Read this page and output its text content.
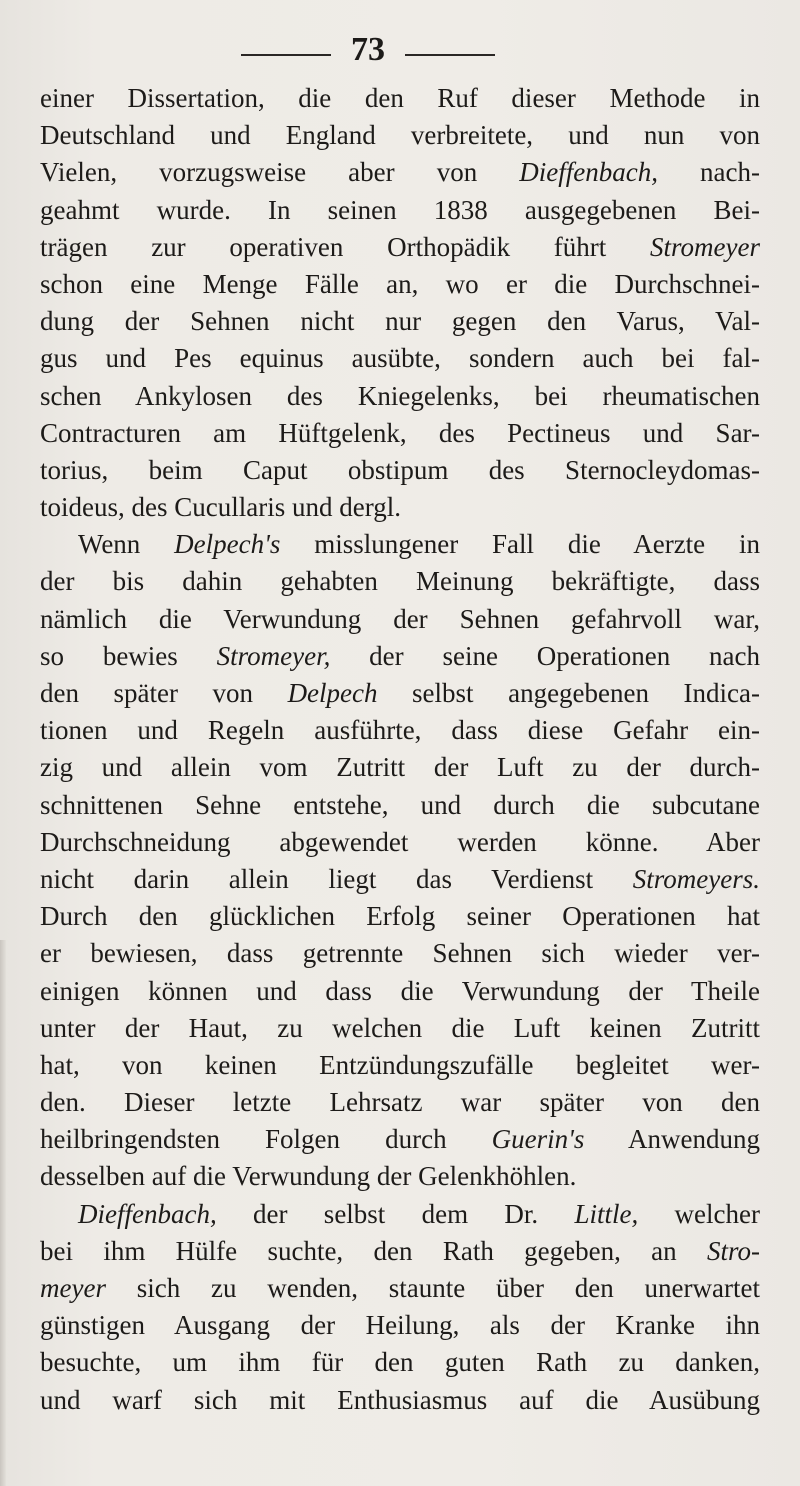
73
einer Dissertation, die den Ruf dieser Methode in
Deutschland und England verbreitete, und nun von
Vielen, vorzugsweise aber von Dieffenbach, nach-
geahmt wurde. In seinen 1838 ausgegebenen Bei-
trägen zur operativen Orthopädik führt Stromeyer
schon eine Menge Fälle an, wo er die Durchschnei-
dung der Sehnen nicht nur gegen den Varus, Val-
gus und Pes equinus ausübte, sondern auch bei fal-
schen Ankylosen des Kniegelenks, bei rheumatischen
Contracturen am Hüftgelenk, des Pectineus und Sar-
torius, beim Caput obstipum des Sternocleydomas-
toideus, des Cucullaris und dergl.
Wenn Delpech's misslungener Fall die Aerzte in
der bis dahin gehabten Meinung bekräftigte, dass
nämlich die Verwundung der Sehnen gefahrvoll war,
so bewies Stromeyer, der seine Operationen nach
den später von Delpech selbst angegebenen Indica-
tionen und Regeln ausführte, dass diese Gefahr ein-
zig und allein vom Zutritt der Luft zu der durch-
schnittenen Sehne entstehe, und durch die subcutane
Durchschneidung abgewendet werden könne. Aber
nicht darin allein liegt das Verdienst Stromeyers.
Durch den glücklichen Erfolg seiner Operationen hat
er bewiesen, dass getrennte Sehnen sich wieder ver-
einigen können und dass die Verwundung der Theile
unter der Haut, zu welchen die Luft keinen Zutritt
hat, von keinen Entzündungszufälle begleitet wer-
den. Dieser letzte Lehrsatz war später von den
heilbringendsten Folgen durch Guerin's Anwendung
desselben auf die Verwundung der Gelenkhöhlen.
Dieffenbach, der selbst dem Dr. Little, welcher
bei ihm Hülfe suchte, den Rath gegeben, an Stro-
meyer sich zu wenden, staunte über den unerwartet
günstigen Ausgang der Heilung, als der Kranke ihn
besuchte, um ihm für den guten Rath zu danken,
und warf sich mit Enthusiasmus auf die Ausübung
